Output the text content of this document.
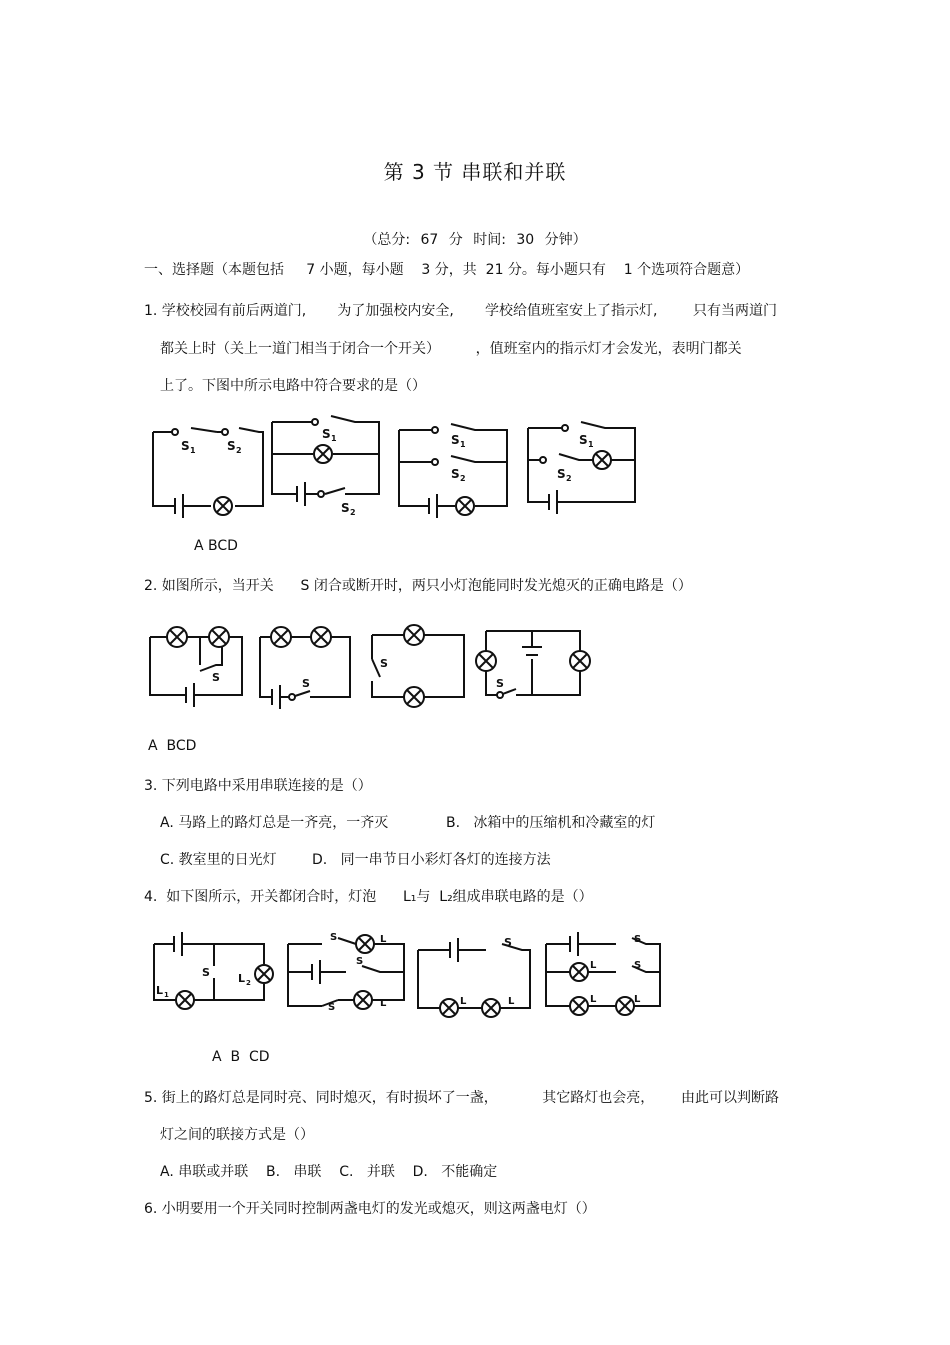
第 3 节 串联和并联
（总分: 67 分 时间: 30 分钟）
一、选择题（本题包括     7 小题，每小题    3 分，共  21 分。每小题只有    1 个选项符合题意）
1. 学校校园有前后两道门,       为了加强校内安全,       学校给值班室安上了指示灯,        只有当两道门
都关上时（关上一道门相当于闭合一个开关）        ，值班室内的指示灯才会发光，表明门都关
上了。下图中所示电路中符合要求的是（）
S 1	S 2
S 1
S 2
S 1
S 2
S 1
S 2
A BCD
2. 如图所示，当开关      S 闭合或断开时，两只小灯泡能同时发光熄灭的正确电路是（）
S	S
S
S
A  BCD
3. 下列电路中采用串联连接的是（）
A. 马路上的路灯总是一齐亮，一齐灭	B.   冰箱中的压缩机和冷藏室的灯
C. 教室里的日光灯	D.   同一串节日小彩灯各灯的连接方法
4.  如下图所示，开关都闭合时，灯泡      L₁与  L₂组成串联电路的是（）
S	L 2
L 1
S
S
S
L
L
S
L	L
S
S
L
L	L
A  B  CD
5. 街上的路灯总是同时亮、同时熄灭，有时损坏了一盏，          其它路灯也会亮，      由此可以判断路
灯之间的联接方式是（）
A. 串联或并联    B.   串联    C.   并联    D.   不能确定
6. 小明要用一个开关同时控制两盏电灯的发光或熄灭，则这两盏电灯（）
